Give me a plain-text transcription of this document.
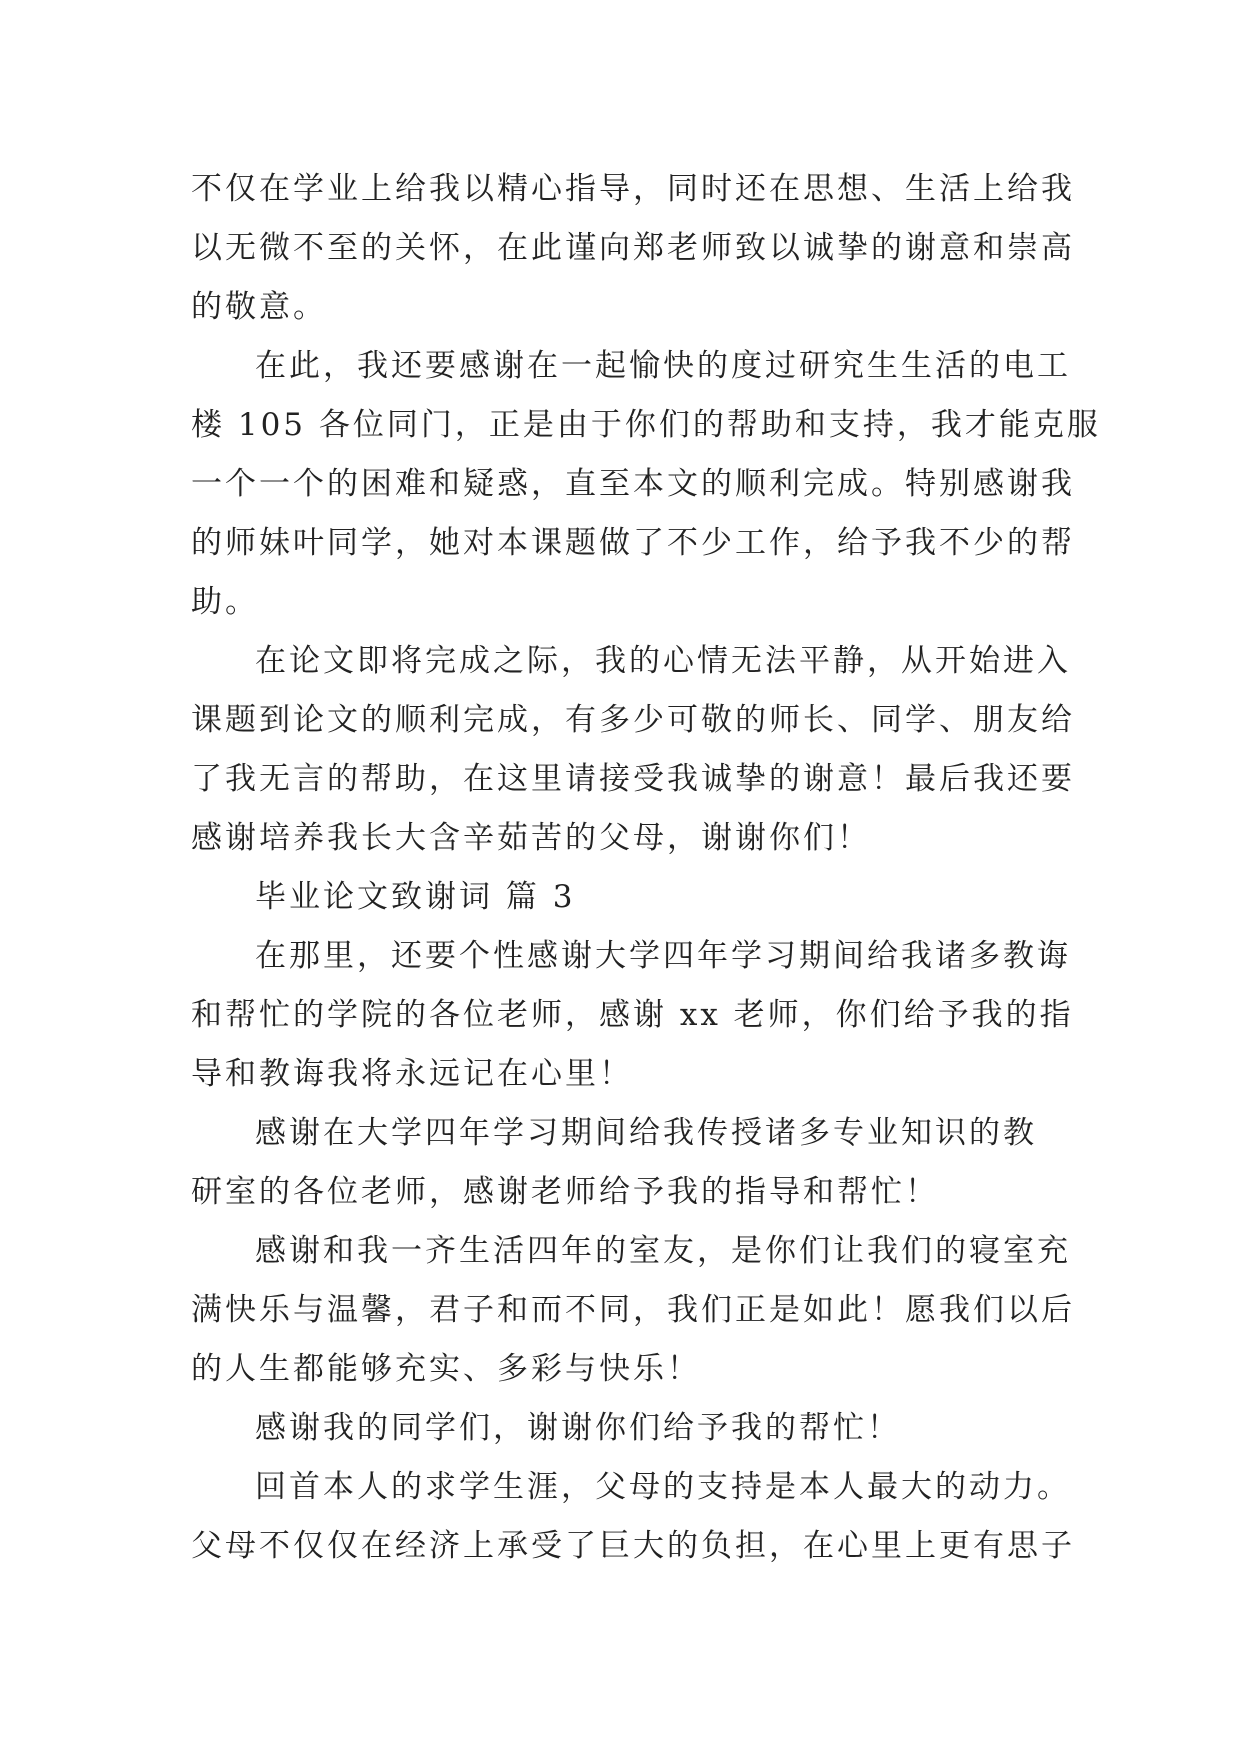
不仅在学业上给我以精心指导，同时还在思想、生活上给我
以无微不至的关怀，在此谨向郑老师致以诚挚的谢意和崇高
的敬意。
在此，我还要感谢在一起愉快的度过研究生生活的电工
楼 105 各位同门，正是由于你们的帮助和支持，我才能克服
一个一个的困难和疑惑，直至本文的顺利完成。特别感谢我
的师妹叶同学，她对本课题做了不少工作，给予我不少的帮
助。
在论文即将完成之际，我的心情无法平静，从开始进入
课题到论文的顺利完成，有多少可敬的师长、同学、朋友给
了我无言的帮助，在这里请接受我诚挚的谢意！最后我还要
感谢培养我长大含辛茹苦的父母，谢谢你们！
毕业论文致谢词 篇 3
在那里，还要个性感谢大学四年学习期间给我诸多教诲
和帮忙的学院的各位老师，感谢 xx 老师，你们给予我的指
导和教诲我将永远记在心里！
感谢在大学四年学习期间给我传授诸多专业知识的教
研室的各位老师，感谢老师给予我的指导和帮忙！
感谢和我一齐生活四年的室友，是你们让我们的寝室充
满快乐与温馨，君子和而不同，我们正是如此！愿我们以后
的人生都能够充实、多彩与快乐！
感谢我的同学们，谢谢你们给予我的帮忙！
回首本人的求学生涯，父母的支持是本人最大的动力。
父母不仅仅在经济上承受了巨大的负担，在心里上更有思子
